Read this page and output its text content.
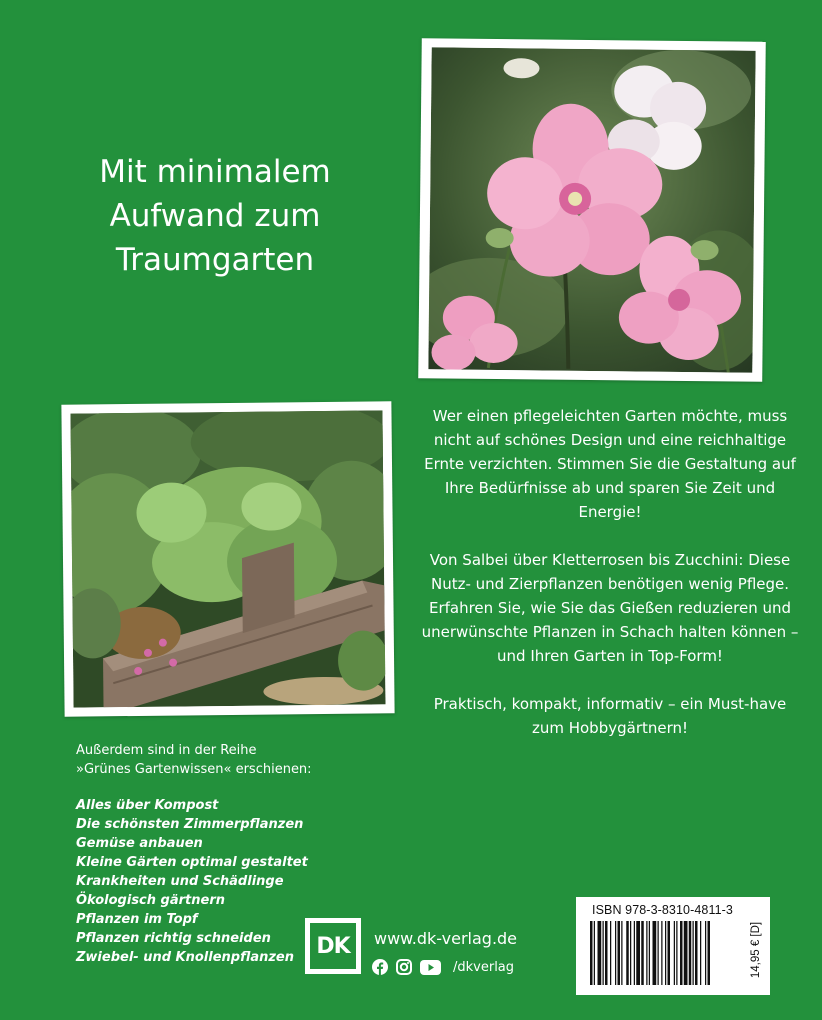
Mit minimalem
Aufwand zum
Traumgarten

Wer einen pflegeleichten Garten möchte, muss nicht auf schönes Design und eine reichhaltige Ernte verzichten. Stimmen Sie die Gestaltung auf Ihre Bedürfnisse ab und sparen Sie Zeit und Energie!

Von Salbei über Kletterrosen bis Zucchini: Diese Nutz- und Zierpflanzen benötigen wenig Pflege. Erfahren Sie, wie Sie das Gießen reduzieren und unerwünschte Pflanzen in Schach halten können – und Ihren Garten in Top-Form!

Praktisch, kompakt, informativ – ein Must-have zum Hobbygärtnern!

Außerdem sind in der Reihe
»Grünes Gartenwissen« erschienen:

Alles über Kompost
Die schönsten Zimmerpflanzen
Gemüse anbauen
Kleine Gärten optimal gestaltet
Krankheiten und Schädlinge
Ökologisch gärtnern
Pflanzen im Topf
Pflanzen richtig schneiden
Zwiebel- und Knollenpflanzen	DK	www.dk-verlag.de
/dkverlag
ISBN 978-3-8310-4811-3
14,95 € [D]
